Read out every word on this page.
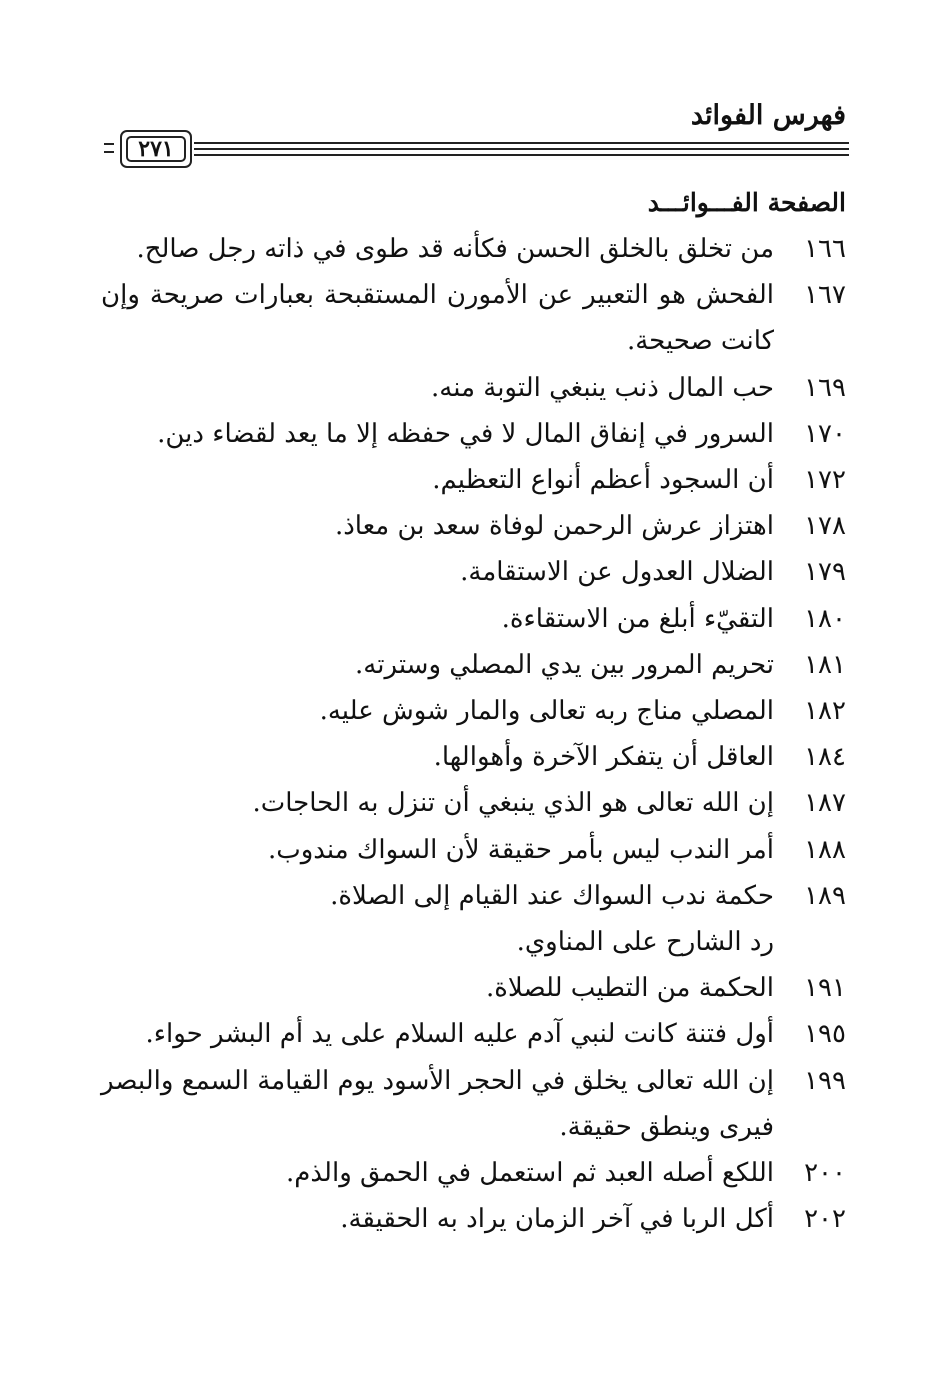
فهرس الفوائد
٢٧١
الصفحة الفـــوائـــد
١٦٦
من تخلق بالخلق الحسن فكأنه قد طوى في ذاته رجل صالح.
١٦٧
الفحش هو التعبير عن الأمورن المستقبحة بعبارات صريحة وإن كانت صحيحة.
١٦٩
حب المال ذنب ينبغي التوبة منه.
١٧٠
السرور في إنفاق المال لا في حفظه إلا ما يعد لقضاء دين.
١٧٢
أن السجود أعظم أنواع التعظيم.
١٧٨
اهتزاز عرش الرحمن لوفاة سعد بن معاذ.
١٧٩
الضلال العدول عن الاستقامة.
١٨٠
التقيّء أبلغ من الاستقاءة.
١٨١
تحريم المرور بين يدي المصلي وسترته.
١٨٢
المصلي مناج ربه تعالى والمار شوش عليه.
١٨٤
العاقل أن يتفكر الآخرة وأهوالها.
١٨٧
إن الله تعالى هو الذي ينبغي أن تنزل به الحاجات.
١٨٨
أمر الندب ليس بأمر حقيقة لأن السواك مندوب.
١٨٩
حكمة ندب السواك عند القيام إلى الصلاة.
رد الشارح على المناوي.
١٩١
الحكمة من التطيب للصلاة.
١٩٥
أول فتنة كانت لنبي آدم عليه السلام على يد أم البشر حواء.
١٩٩
إن الله تعالى يخلق في الحجر الأسود يوم القيامة السمع والبصر فيرى وينطق حقيقة.
٢٠٠
اللكع أصله العبد ثم استعمل في الحمق والذم.
٢٠٢
أكل الربا في آخر الزمان يراد به الحقيقة.
